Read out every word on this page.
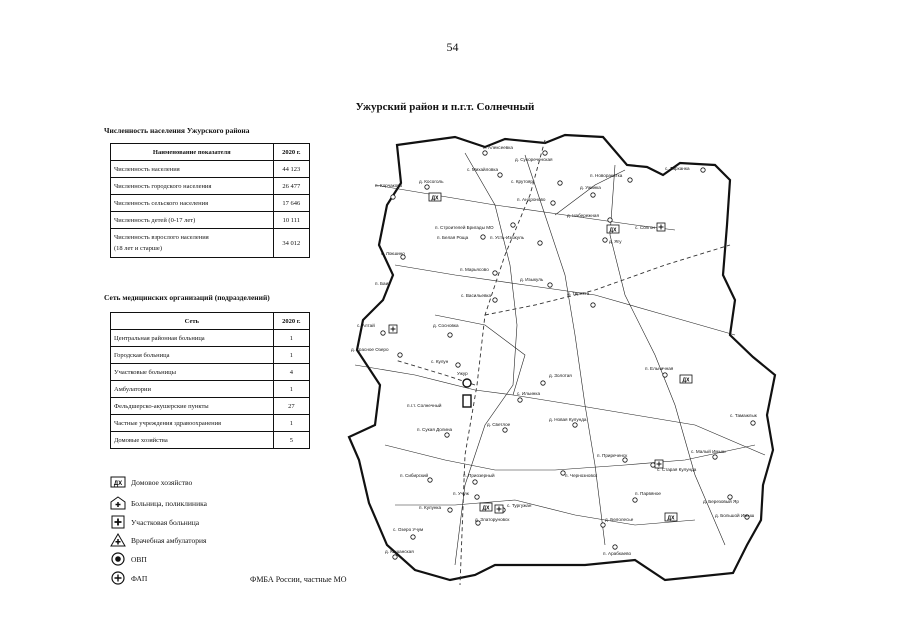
54
Ужурский район и п.г.т. Солнечный
Численность населения Ужурского района
Наименование показателя	2020 г.
Численность населения	44 123
Численность городского населения	26 477
Численность сельского населения	17 646
Численность детей (0-17 лет)	10 111

Численность взрослого населения
(18 лет и старше)	34 012
Сеть медицинских организаций (подразделений)
Сеть	2020 г.
Центральная районная больница	1
Городская больница	1
Участковые больницы	4
Амбулатории	1
Фельдшерско-акушерские пункты	27
Частные учреждения здравоохранения	1
Домовые хозяйства	5
ДХ Домовое хозяйство
Больница, поликлиника
Участковая больница
Врачебная амбулатория
ОВП
ФАП	ФМБА России, частные МО
ДХ
ДХ
ДХ
ДХ
ДХ
п. Алексеевка
д. Сухореченская
с. Михайловка
с. Крутояр
п. Новоракитка
с. Тарханка
п. Корчаково
д. Косоголь
п. Андроново
д. Ужанка
д. Набережная
с. Солгон
п. Строителей Бригады МО
п. Белая Роща	п. Усть-Изыкуль
д. Ягу
с. Локшино
п. Марьясово
д. Изыкуль
п. Баит
с. Васильевка	д. Терехта
с. Алтай	д. Сосновка
д. Красное Озеро
с. Кулун
Ужур	д. Золотая
п. Ельничная
с. Ильинка
п.г.т. Солнечный
д. Новая Кулунда
с. Тамажлык
п. Сукая Долина
д. Светлое
с. Малый Имыш
п. Приреченск
п. Сибирский	п. Приозерный	п. Чернозновск
с. Старая Кулунда
п. Кулунка
п. Учуж	п. Парвяное
д. Березовый Яр
с. Тургужан
с. Озеро Учум
д. Златоруновск	д. Белолесье
д. Большой Имыш
д. Кашанская	п. Арабкаево
